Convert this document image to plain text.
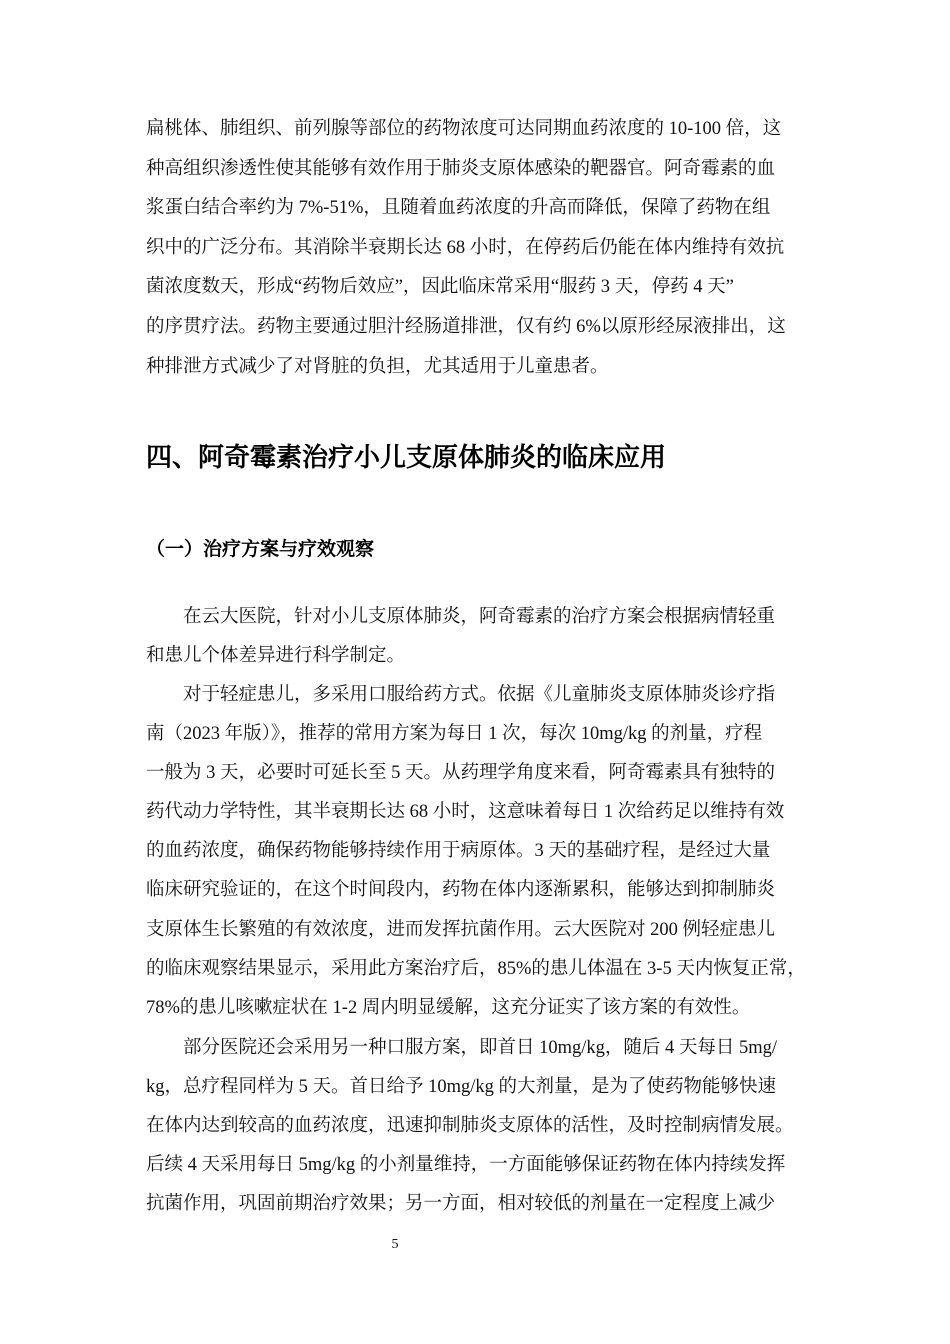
扁桃体、肺组织、前列腺等部位的药物浓度可达同期血药浓度的 10-100 倍，这
种高组织渗透性使其能够有效作用于肺炎支原体感染的靶器官。阿奇霉素的血
浆蛋白结合率约为 7%-51%，且随着血药浓度的升高而降低，保障了药物在组
织中的广泛分布。其消除半衰期长达 68 小时，在停药后仍能在体内维持有效抗
菌浓度数天，形成“药物后效应”，因此临床常采用“服药 3 天，停药 4 天”
的序贯疗法。药物主要通过胆汁经肠道排泄，仅有约 6%以原形经尿液排出，这
种排泄方式减少了对肾脏的负担，尤其适用于儿童患者。
四、阿奇霉素治疗小儿支原体肺炎的临床应用
（一）治疗方案与疗效观察
在云大医院，针对小儿支原体肺炎，阿奇霉素的治疗方案会根据病情轻重
和患儿个体差异进行科学制定。
对于轻症患儿，多采用口服给药方式。依据《儿童肺炎支原体肺炎诊疗指
南（2023 年版）》，推荐的常用方案为每日 1 次，每次 10mg/kg 的剂量，疗程
一般为 3 天，必要时可延长至 5 天。从药理学角度来看，阿奇霉素具有独特的
药代动力学特性，其半衰期长达 68 小时，这意味着每日 1 次给药足以维持有效
的血药浓度，确保药物能够持续作用于病原体。3 天的基础疗程，是经过大量
临床研究验证的，在这个时间段内，药物在体内逐渐累积，能够达到抑制肺炎
支原体生长繁殖的有效浓度，进而发挥抗菌作用。云大医院对 200 例轻症患儿
的临床观察结果显示，采用此方案治疗后，85%的患儿体温在 3-5 天内恢复正常，
78%的患儿咳嗽症状在 1-2 周内明显缓解，这充分证实了该方案的有效性。
部分医院还会采用另一种口服方案，即首日 10mg/kg，随后 4 天每日 5mg/
kg，总疗程同样为 5 天。首日给予 10mg/kg 的大剂量，是为了使药物能够快速
在体内达到较高的血药浓度，迅速抑制肺炎支原体的活性，及时控制病情发展。
后续 4 天采用每日 5mg/kg 的小剂量维持，一方面能够保证药物在体内持续发挥
抗菌作用，巩固前期治疗效果；另一方面，相对较低的剂量在一定程度上减少
5
